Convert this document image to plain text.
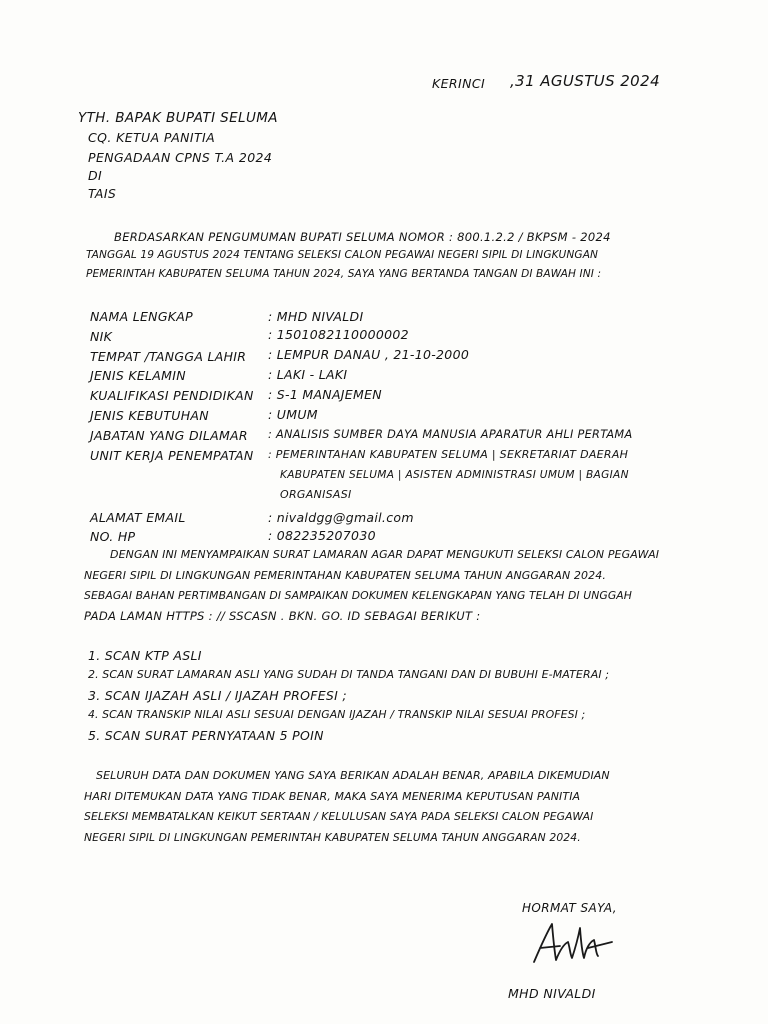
KERINCI ,31 AGUSTUS 2024
YTH. BAPAK BUPATI SELUMA
CQ. KETUA PANITIA
PENGADAAN CPNS T.A 2024
DI
TAIS
BERDASARKAN PENGUMUMAN BUPATI SELUMA NOMOR : 800.1.2.2 / BKPSM - 2024
TANGGAL 19 AGUSTUS 2024 TENTANG SELEKSI CALON PEGAWAI NEGERI SIPIL DI LINGKUNGAN
PEMERINTAH KABUPATEN SELUMA TAHUN 2024, SAYA YANG BERTANDA TANGAN DI BAWAH INI :
NAMA LENGKAP	: MHD NIVALDI
NIK	: 1501082110000002
TEMPAT /TANGGA LAHIR : LEMPUR DANAU , 21-10-2000
JENIS KELAMIN	: LAKI - LAKI
KUALIFIKASI PENDIDIKAN : S-1 MANAJEMEN
JENIS KEBUTUHAN	: UMUM
JABATAN YANG DILAMAR : ANALISIS SUMBER DAYA MANUSIA APARATUR AHLI PERTAMA
UNIT KERJA PENEMPATAN : PEMERINTAHAN KABUPATEN SELUMA | SEKRETARIAT DAERAH
KABUPATEN SELUMA | ASISTEN ADMINISTRASI UMUM | BAGIAN
ORGANISASI
ALAMAT EMAIL	: nivaldgg@gmail.com
NO. HP	: 082235207030
DENGAN INI MENYAMPAIKAN SURAT LAMARAN AGAR DAPAT MENGUKUTI SELEKSI CALON PEGAWAI
NEGERI SIPIL DI LINGKUNGAN PEMERINTAHAN KABUPATEN SELUMA TAHUN ANGGARAN 2024.
SEBAGAI BAHAN PERTIMBANGAN DI SAMPAIKAN DOKUMEN KELENGKAPAN YANG TELAH DI UNGGAH
PADA LAMAN HTTPS : // SSCASN . BKN. GO. ID SEBAGAI BERIKUT :
1. SCAN KTP ASLI
2. SCAN SURAT LAMARAN ASLI YANG SUDAH DI TANDA TANGANI DAN DI BUBUHI E-MATERAI ;
3. SCAN IJAZAH ASLI / IJAZAH PROFESI ;
4. SCAN TRANSKIP NILAI ASLI SESUAI DENGAN IJAZAH / TRANSKIP NILAI SESUAI PROFESI ;
5. SCAN SURAT PERNYATAAN 5 POIN
SELURUH DATA DAN DOKUMEN YANG SAYA BERIKAN ADALAH BENAR, APABILA DIKEMUDIAN
HARI DITEMUKAN DATA YANG TIDAK BENAR, MAKA SAYA MENERIMA KEPUTUSAN PANITIA
SELEKSI MEMBATALKAN KEIKUT SERTAAN / KELULUSAN SAYA PADA SELEKSI CALON PEGAWAI
NEGERI SIPIL DI LINGKUNGAN PEMERINTAH KABUPATEN SELUMA TAHUN ANGGARAN 2024.
HORMAT SAYA,
MHD NIVALDI
